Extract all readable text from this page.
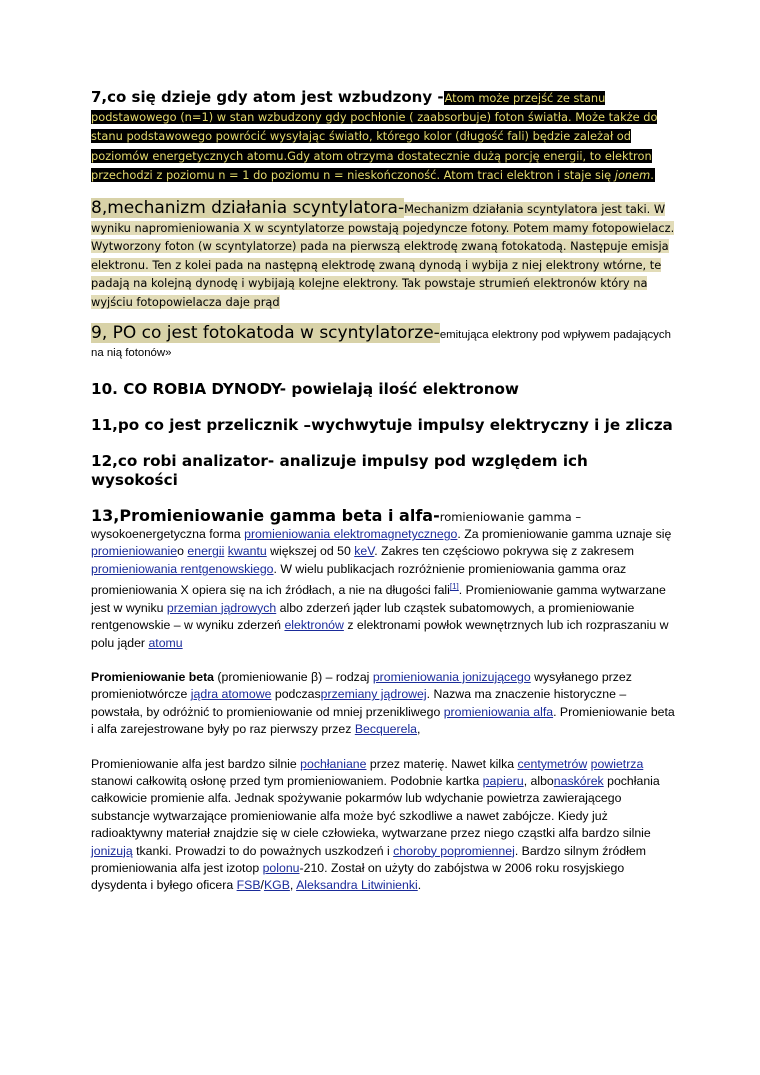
7,co się dzieje gdy atom jest wzbudzony -Atom może przejść ze stanu podstawowego (n=1) w stan wzbudzony gdy pochłonie ( zaabsorbuje) foton światła. Może także do stanu podstawowego powrócić wysyłając światło, którego kolor (długość fali) będzie zależał od poziomów energetycznych atomu.Gdy atom otrzyma dostatecznie dużą porcję energii, to elektron przechodzi z poziomu n = 1 do poziomu n = nieskończoność. Atom traci elektron i staje się jonem.

8,mechanizm działania scyntylatora-Mechanizm działania scyntylatora jest taki. W wyniku napromieniowania X w scyntylatorze powstają pojedyncze fotony. Potem mamy fotopowielacz. Wytworzony foton (w scyntylatorze) pada na pierwszą elektrodę zwaną fotokatodą. Następuje emisja elektronu. Ten z kolei pada na następną elektrodę zwaną dynodą i wybija z niej elektrony wtórne, te padają na kolejną dynodę i wybijają kolejne elektrony. Tak powstaje strumień elektronów który na wyjściu fotopowielacza daje prąd

9, PO co jest fotokatoda w scyntylatorze-emitująca elektrony pod wpływem padających na nią fotonów»

10. CO ROBIA DYNODY- powielają ilość elektronow
11,po co jest przelicznik –wychwytuje impulsy elektryczny i je zlicza
12,co robi analizator- analizuje impulsy pod względem ich wysokości

13,Promieniowanie gamma beta i alfa-romieniowanie gamma –
wysokoenergetyczna forma promieniowania elektromagnetycznego. Za promieniowanie gamma uznaje się promieniowanieo energii kwantu większej od 50 keV. Zakres ten częściowo pokrywa się z zakresem promieniowania rentgenowskiego. W wielu publikacjach rozróżnienie promieniowania gamma oraz promieniowania X opiera się na ich źródłach, a nie na długości fali[1]. Promieniowanie gamma wytwarzane jest w wyniku przemian jądrowych albo zderzeń jąder lub cząstek subatomowych, a promieniowanie rentgenowskie – w wyniku zderzeń elektronów z elektronami powłok wewnętrznych lub ich rozpraszaniu w polu jąder atomu

Promieniowanie beta (promieniowanie β) – rodzaj promieniowania jonizującego wysyłanego przez promieniotwórcze jądra atomowe podczasprzemiany jądrowej. Nazwa ma znaczenie historyczne – powstała, by odróżnić to promieniowanie od mniej przenikliwego promieniowania alfa. Promieniowanie beta i alfa zarejestrowane były po raz pierwszy przez Becquerela,

Promieniowanie alfa jest bardzo silnie pochłaniane przez materię. Nawet kilka centymetrów powietrza stanowi całkowitą osłonę przed tym promieniowaniem. Podobnie kartka papieru, albonaskórek pochłania całkowicie promienie alfa. Jednak spożywanie pokarmów lub wdychanie powietrza zawierającego substancje wytwarzające promieniowanie alfa może być szkodliwe a nawet zabójcze. Kiedy już radioaktywny materiał znajdzie się w ciele człowieka, wytwarzane przez niego cząstki alfa bardzo silnie jonizują tkanki. Prowadzi to do poważnych uszkodzeń i choroby popromiennej. Bardzo silnym źródłem promieniowania alfa jest izotop polonu-210. Został on użyty do zabójstwa w 2006 roku rosyjskiego dysydenta i byłego oficera FSB/KGB, Aleksandra Litwinienki.
